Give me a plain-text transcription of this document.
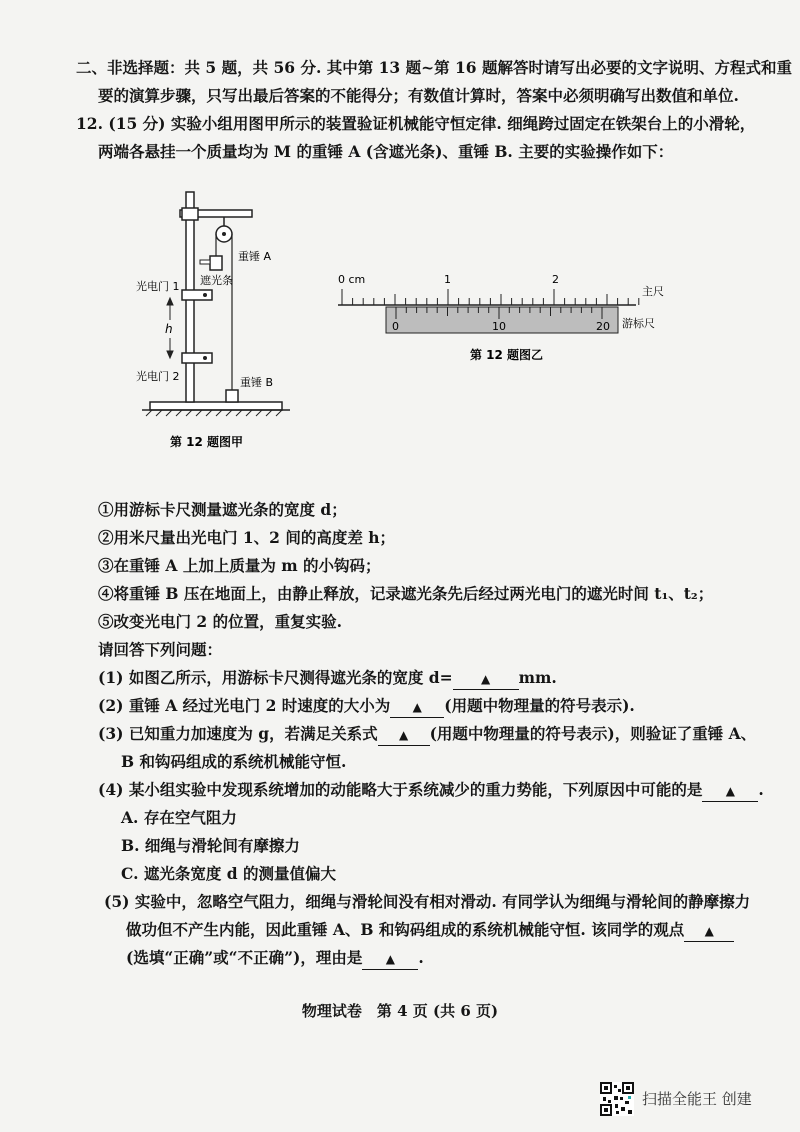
二、非选择题：共 5 题，共 56 分. 其中第 13 题~第 16 题解答时请写出必要的文字说明、方程式和重
要的演算步骤，只写出最后答案的不能得分；有数值计算时，答案中必须明确写出数值和单位.
12. (15 分) 实验小组用图甲所示的装置验证机械能守恒定律. 细绳跨过固定在铁架台上的小滑轮，
两端各悬挂一个质量均为 M 的重锤 A (含遮光条)、重锤 B. 主要的实验操作如下：
重锤 A
遮光条
光电门 1
h
光电门 2	重锤 B
第 12 题图甲
0 cm	1	2
主尺
0	10	20 游标尺
第 12 题图乙
①用游标卡尺测量遮光条的宽度 d；
②用米尺量出光电门 1、2 间的高度差 h；
③在重锤 A 上加上质量为 m 的小钩码；
④将重锤 B 压在地面上，由静止释放，记录遮光条先后经过两光电门的遮光时间 t₁、t₂；
⑤改变光电门 2 的位置，重复实验.
请回答下列问题：
(1) 如图乙所示，用游标卡尺测得遮光条的宽度 d= ▲ mm.
(2) 重锤 A 经过光电门 2 时速度的大小为 ▲ (用题中物理量的符号表示).
(3) 已知重力加速度为 g，若满足关系式 ▲ (用题中物理量的符号表示)，则验证了重锤 A、
B 和钩码组成的系统机械能守恒.
(4) 某小组实验中发现系统增加的动能略大于系统减少的重力势能，下列原因中可能的是 ▲ .
A. 存在空气阻力
B. 细绳与滑轮间有摩擦力
C. 遮光条宽度 d 的测量值偏大
(5) 实验中，忽略空气阻力，细绳与滑轮间没有相对滑动. 有同学认为细绳与滑轮间的静摩擦力
做功但不产生内能，因此重锤 A、B 和钩码组成的系统机械能守恒. 该同学的观点 ▲
(选填“正确”或“不正确”)，理由是 ▲ .
物理试卷　第 4 页 (共 6 页)
扫描全能王 创建
